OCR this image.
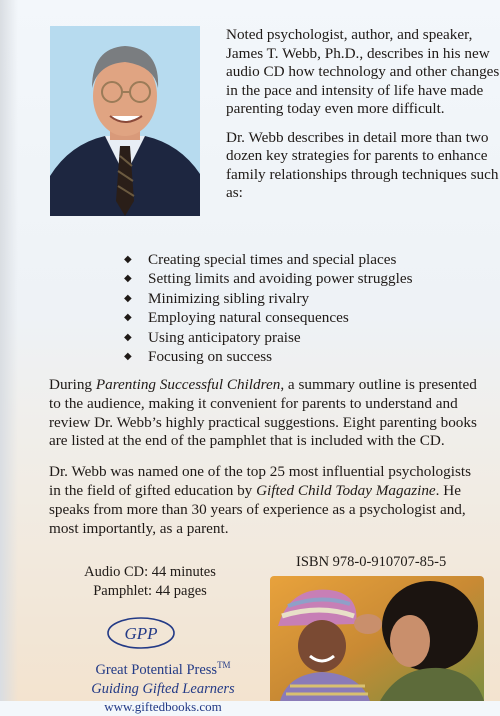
Noted psychologist, author, and speaker, James T. Webb, Ph.D., describes in his new audio CD how technology and other changes in the pace and intensity of life have made parenting today even more difficult.

Dr. Webb describes in detail more than two dozen key strategies for parents to enhance family relationships through techniques such as:

◆ Creating special times and special places
◆ Setting limits and avoiding power struggles
◆ Minimizing sibling rivalry
◆ Employing natural consequences
◆ Using anticipatory praise
◆ Focusing on success

During Parenting Successful Children, a summary outline is presented
to the audience, making it convenient for parents to understand and
review Dr. Webb’s highly practical suggestions. Eight parenting books
are listed at the end of the pamphlet that is included with the CD.

Dr. Webb was named one of the top 25 most influential psychologists
in the field of gifted education by Gifted Child Today Magazine. He
speaks from more than 30 years of experience as a psychologist and,
most importantly, as a parent.

Audio CD: 44 minutes
Pamphlet: 44 pages
GPP
Great Potential Press™
Guiding Gifted Learners
www.giftedbooks.com
ISBN 978-0-910707-85-5
